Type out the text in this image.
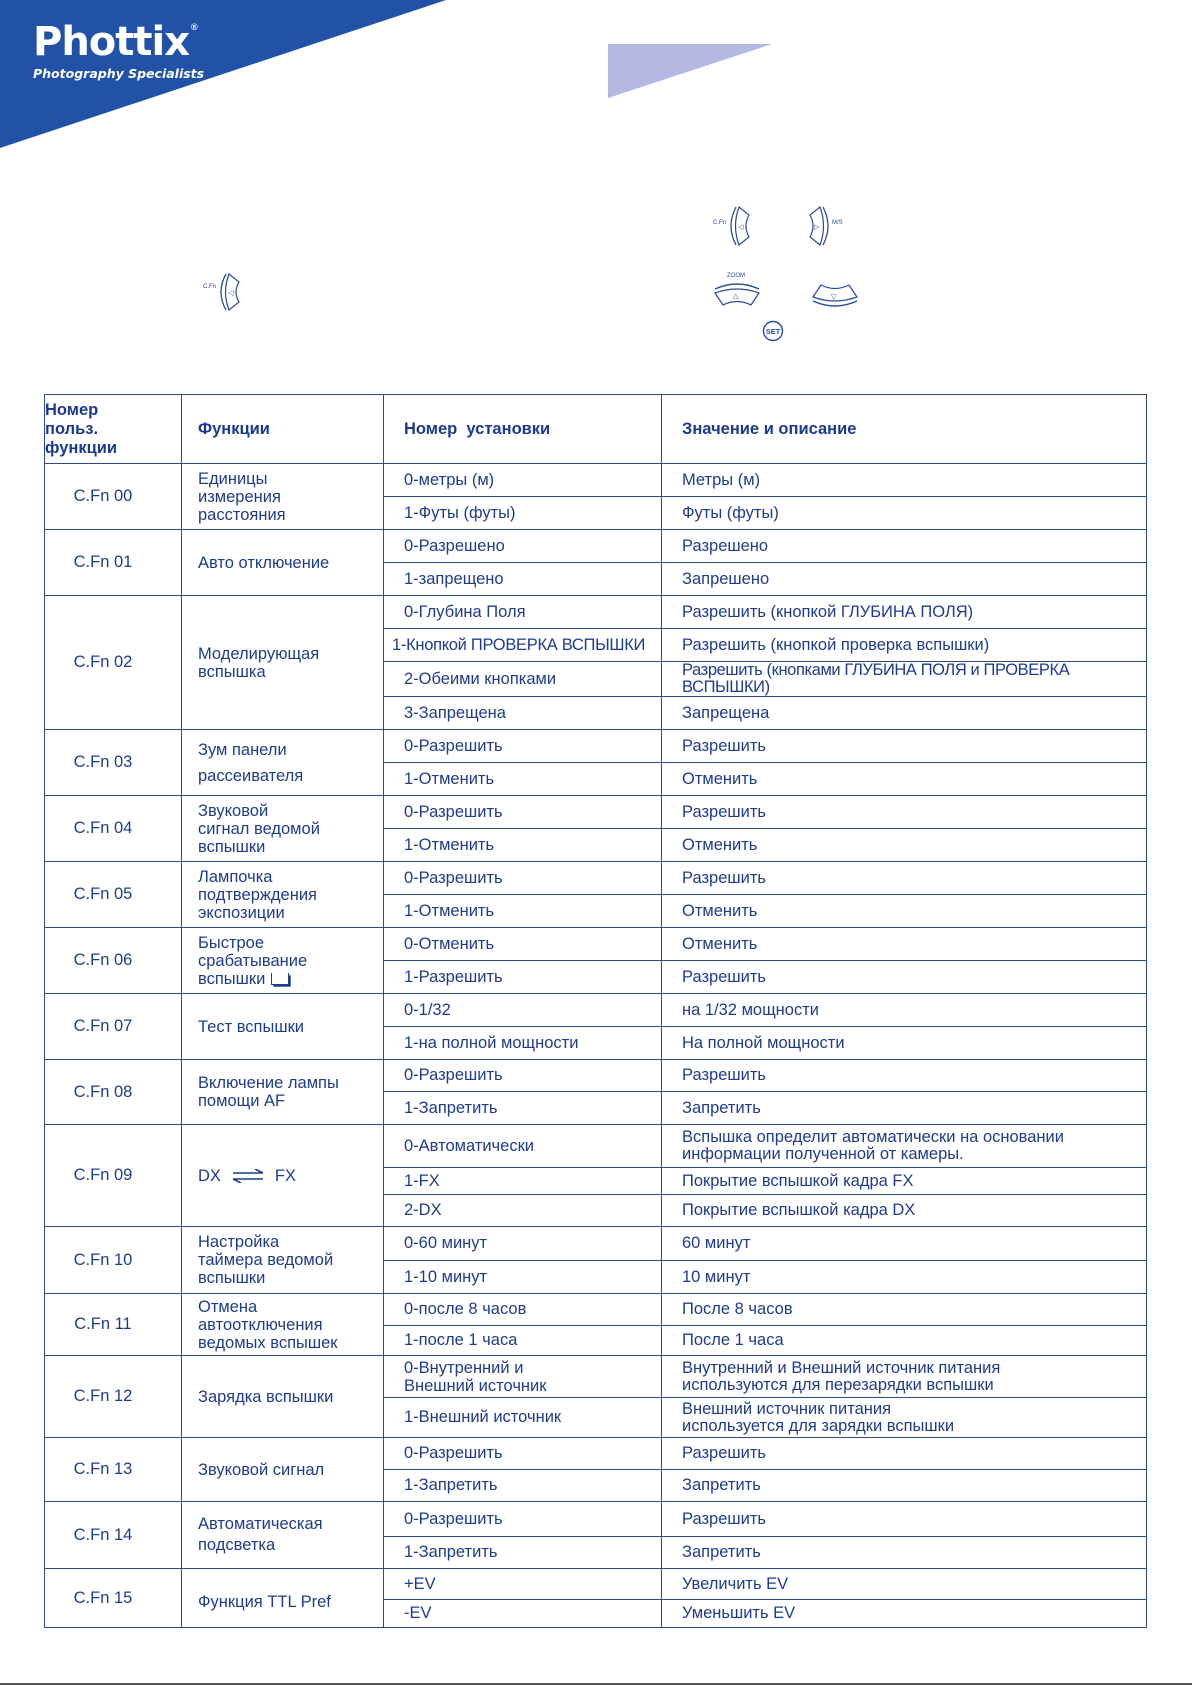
Phottix ®
Photography Specialists
C.Fn
◁
C.Fn
◁	▷
M/S
ZOOM
△	▽
SET
Номер
польз.
функции	Функции	Номер  установки	Значение и описание
C.Fn 00	Единицы
измерения
расстояния	0-метры (м)	Метры (м)
		1-Футы (футы)	Футы (футы)
C.Fn 01	Авто отключение	0-Разрешено	Разрешено
		1-запрещено	Запрешено
C.Fn 02	Моделирующая
вспышка	0-Глубина Поля	Разрешить (кнопкой ГЛУБИНА ПОЛЯ)
		1-Кнопкой ПРОВЕРКА ВСПЫШКИ	Разрешить (кнопкой проверка вспышки)
		2-Обеими кнопками	Разрешить (кнопками ГЛУБИНА ПОЛЯ и ПРОВЕРКА ВСПЫШКИ)
		3-Запрещена	Запрещена
C.Fn 03	Зум панели
рассеивателя	0-Разрешить	Разрешить
		1-Отменить	Отменить
C.Fn 04	Звуковой
сигнал ведомой
вспышки	0-Разрешить	Разрешить
		1-Отменить	Отменить
C.Fn 05	Лампочка
подтверждения
экспозиции	0-Разрешить	Разрешить
		1-Отменить	Отменить
C.Fn 06	Быстрое
срабатывание
вспышки	0-Отменить	Отменить
		1-Разрешить	Разрешить
C.Fn 07	Тест вспышки	0-1/32	на 1/32 мощности
		1-на полной мощности	На полной мощности
C.Fn 08	Включение лампы
помощи AF	0-Разрешить	Разрешить
		1-Запретить	Запретить
C.Fn 09	DX FX	0-Автоматически	Вспышка определит автоматически на основании
информации полученной от камеры.
		1-FX	Покрытие вспышкой кадра FX
		2-DX	Покрытие вспышкой кадра DX
C.Fn 10	Настройка
таймера ведомой
вспышки	0-60 минут	60 минут
		1-10 минут	10 минут
C.Fn 11	Отмена
автоотключения
ведомых вспышек	0-после 8 часов	После 8 часов
		1-после 1 часа	После 1 часа
C.Fn 12	Зарядка вспышки	0-Внутренний и
Внешний источник	Внутренний и Внешний источник питания
используются для перезарядки вспышки
		1-Внешний источник	Внешний источник питания
используется для зарядки вспышки
C.Fn 13	Звуковой сигнал	0-Разрешить	Разрешить
		1-Запретить	Запретить
C.Fn 14	Автоматическая
подсветка	0-Разрешить	Разрешить
		1-Запретить	Запретить
C.Fn 15	Функция TTL Pref	+EV	Увеличить EV
		-EV	Уменьшить EV
